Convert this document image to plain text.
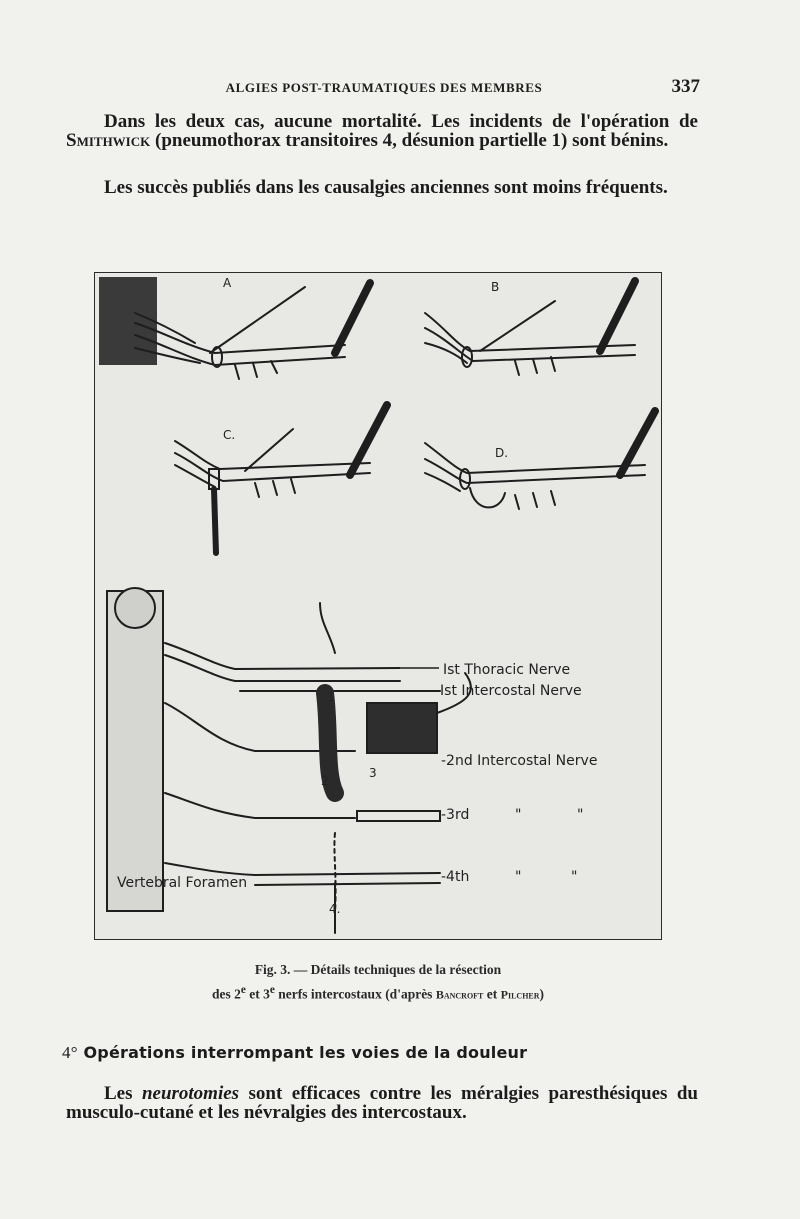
ALGIES POST-TRAUMATIQUES DES MEMBRES	337

Dans les deux cas, aucune mortalité. Les incidents de l'opération de Smithwick (pneumothorax transitoires 4, désunion partielle 1) sont bénins.

Les succès publiés dans les causalgies anciennes sont moins fréquents.

A	B
C.
D.
Ist Thoracic Nerve
-Ist Intercostal Nerve
-2nd Intercostal Nerve
-3rd	"	"
-4th	"	"
Vertebral Foramen
1
2
3
4.
Fig. 3. — Détails techniques de la résection
des 2e et 3e nerfs intercostaux (d'après Bancroft et Pilcher)
4° Opérations interrompant les voies de la douleur

Les neurotomies sont efficaces contre les méralgies paresthésiques du musculo-cutané et les névralgies des intercostaux.
